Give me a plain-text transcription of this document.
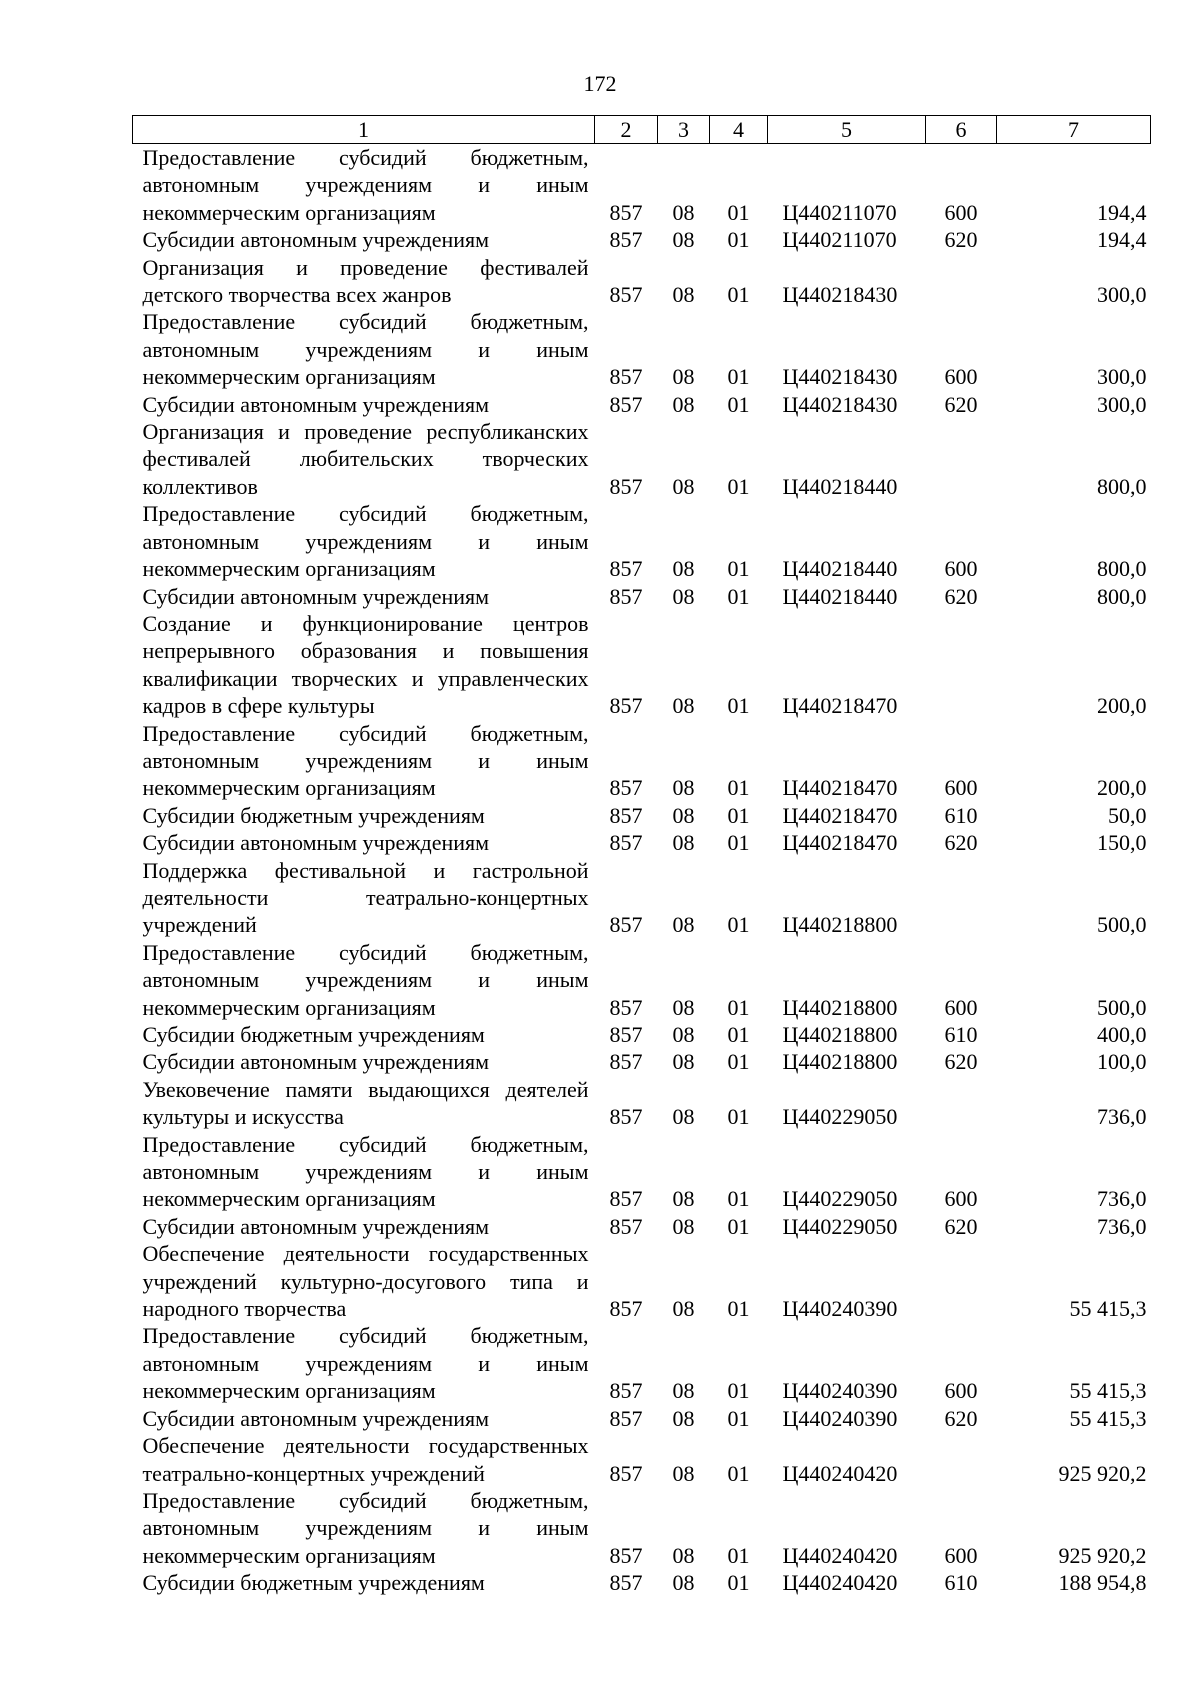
172
1	2	3	4	5	6	7
Предоставление субсидий бюджетным, автономным учреждениям и иным некоммерческим организациям	857	08	01	Ц440211070	600	194,4
Субсидии автономным учреждениям	857	08	01	Ц440211070	620	194,4
Организация и проведение фестивалей детского творчества всех жанров	857	08	01	Ц440218430		300,0
Предоставление субсидий бюджетным, автономным учреждениям и иным некоммерческим организациям	857	08	01	Ц440218430	600	300,0
Субсидии автономным учреждениям	857	08	01	Ц440218430	620	300,0
Организация и проведение республиканских фестивалей любительских творческих коллективов	857	08	01	Ц440218440		800,0
Предоставление субсидий бюджетным, автономным учреждениям и иным некоммерческим организациям	857	08	01	Ц440218440	600	800,0
Субсидии автономным учреждениям	857	08	01	Ц440218440	620	800,0
Создание и функционирование центров непрерывного образования и повышения квалификации творческих и управленческих кадров в сфере культуры	857	08	01	Ц440218470		200,0
Предоставление субсидий бюджетным, автономным учреждениям и иным некоммерческим организациям	857	08	01	Ц440218470	600	200,0
Субсидии бюджетным учреждениям	857	08	01	Ц440218470	610	50,0
Субсидии автономным учреждениям	857	08	01	Ц440218470	620	150,0
Поддержка фестивальной и гастрольной деятельности театрально-концертных учреждений	857	08	01	Ц440218800		500,0
Предоставление субсидий бюджетным, автономным учреждениям и иным некоммерческим организациям	857	08	01	Ц440218800	600	500,0
Субсидии бюджетным учреждениям	857	08	01	Ц440218800	610	400,0
Субсидии автономным учреждениям	857	08	01	Ц440218800	620	100,0
Увековечение памяти выдающихся деятелей культуры и искусства	857	08	01	Ц440229050		736,0
Предоставление субсидий бюджетным, автономным учреждениям и иным некоммерческим организациям	857	08	01	Ц440229050	600	736,0
Субсидии автономным учреждениям	857	08	01	Ц440229050	620	736,0
Обеспечение деятельности государственных учреждений культурно-досугового типа и народного творчества	857	08	01	Ц440240390		55 415,3
Предоставление субсидий бюджетным, автономным учреждениям и иным некоммерческим организациям	857	08	01	Ц440240390	600	55 415,3
Субсидии автономным учреждениям	857	08	01	Ц440240390	620	55 415,3
Обеспечение деятельности государственных театрально-концертных учреждений	857	08	01	Ц440240420		925 920,2
Предоставление субсидий бюджетным, автономным учреждениям и иным некоммерческим организациям	857	08	01	Ц440240420	600	925 920,2
Субсидии бюджетным учреждениям	857	08	01	Ц440240420	610	188 954,8
